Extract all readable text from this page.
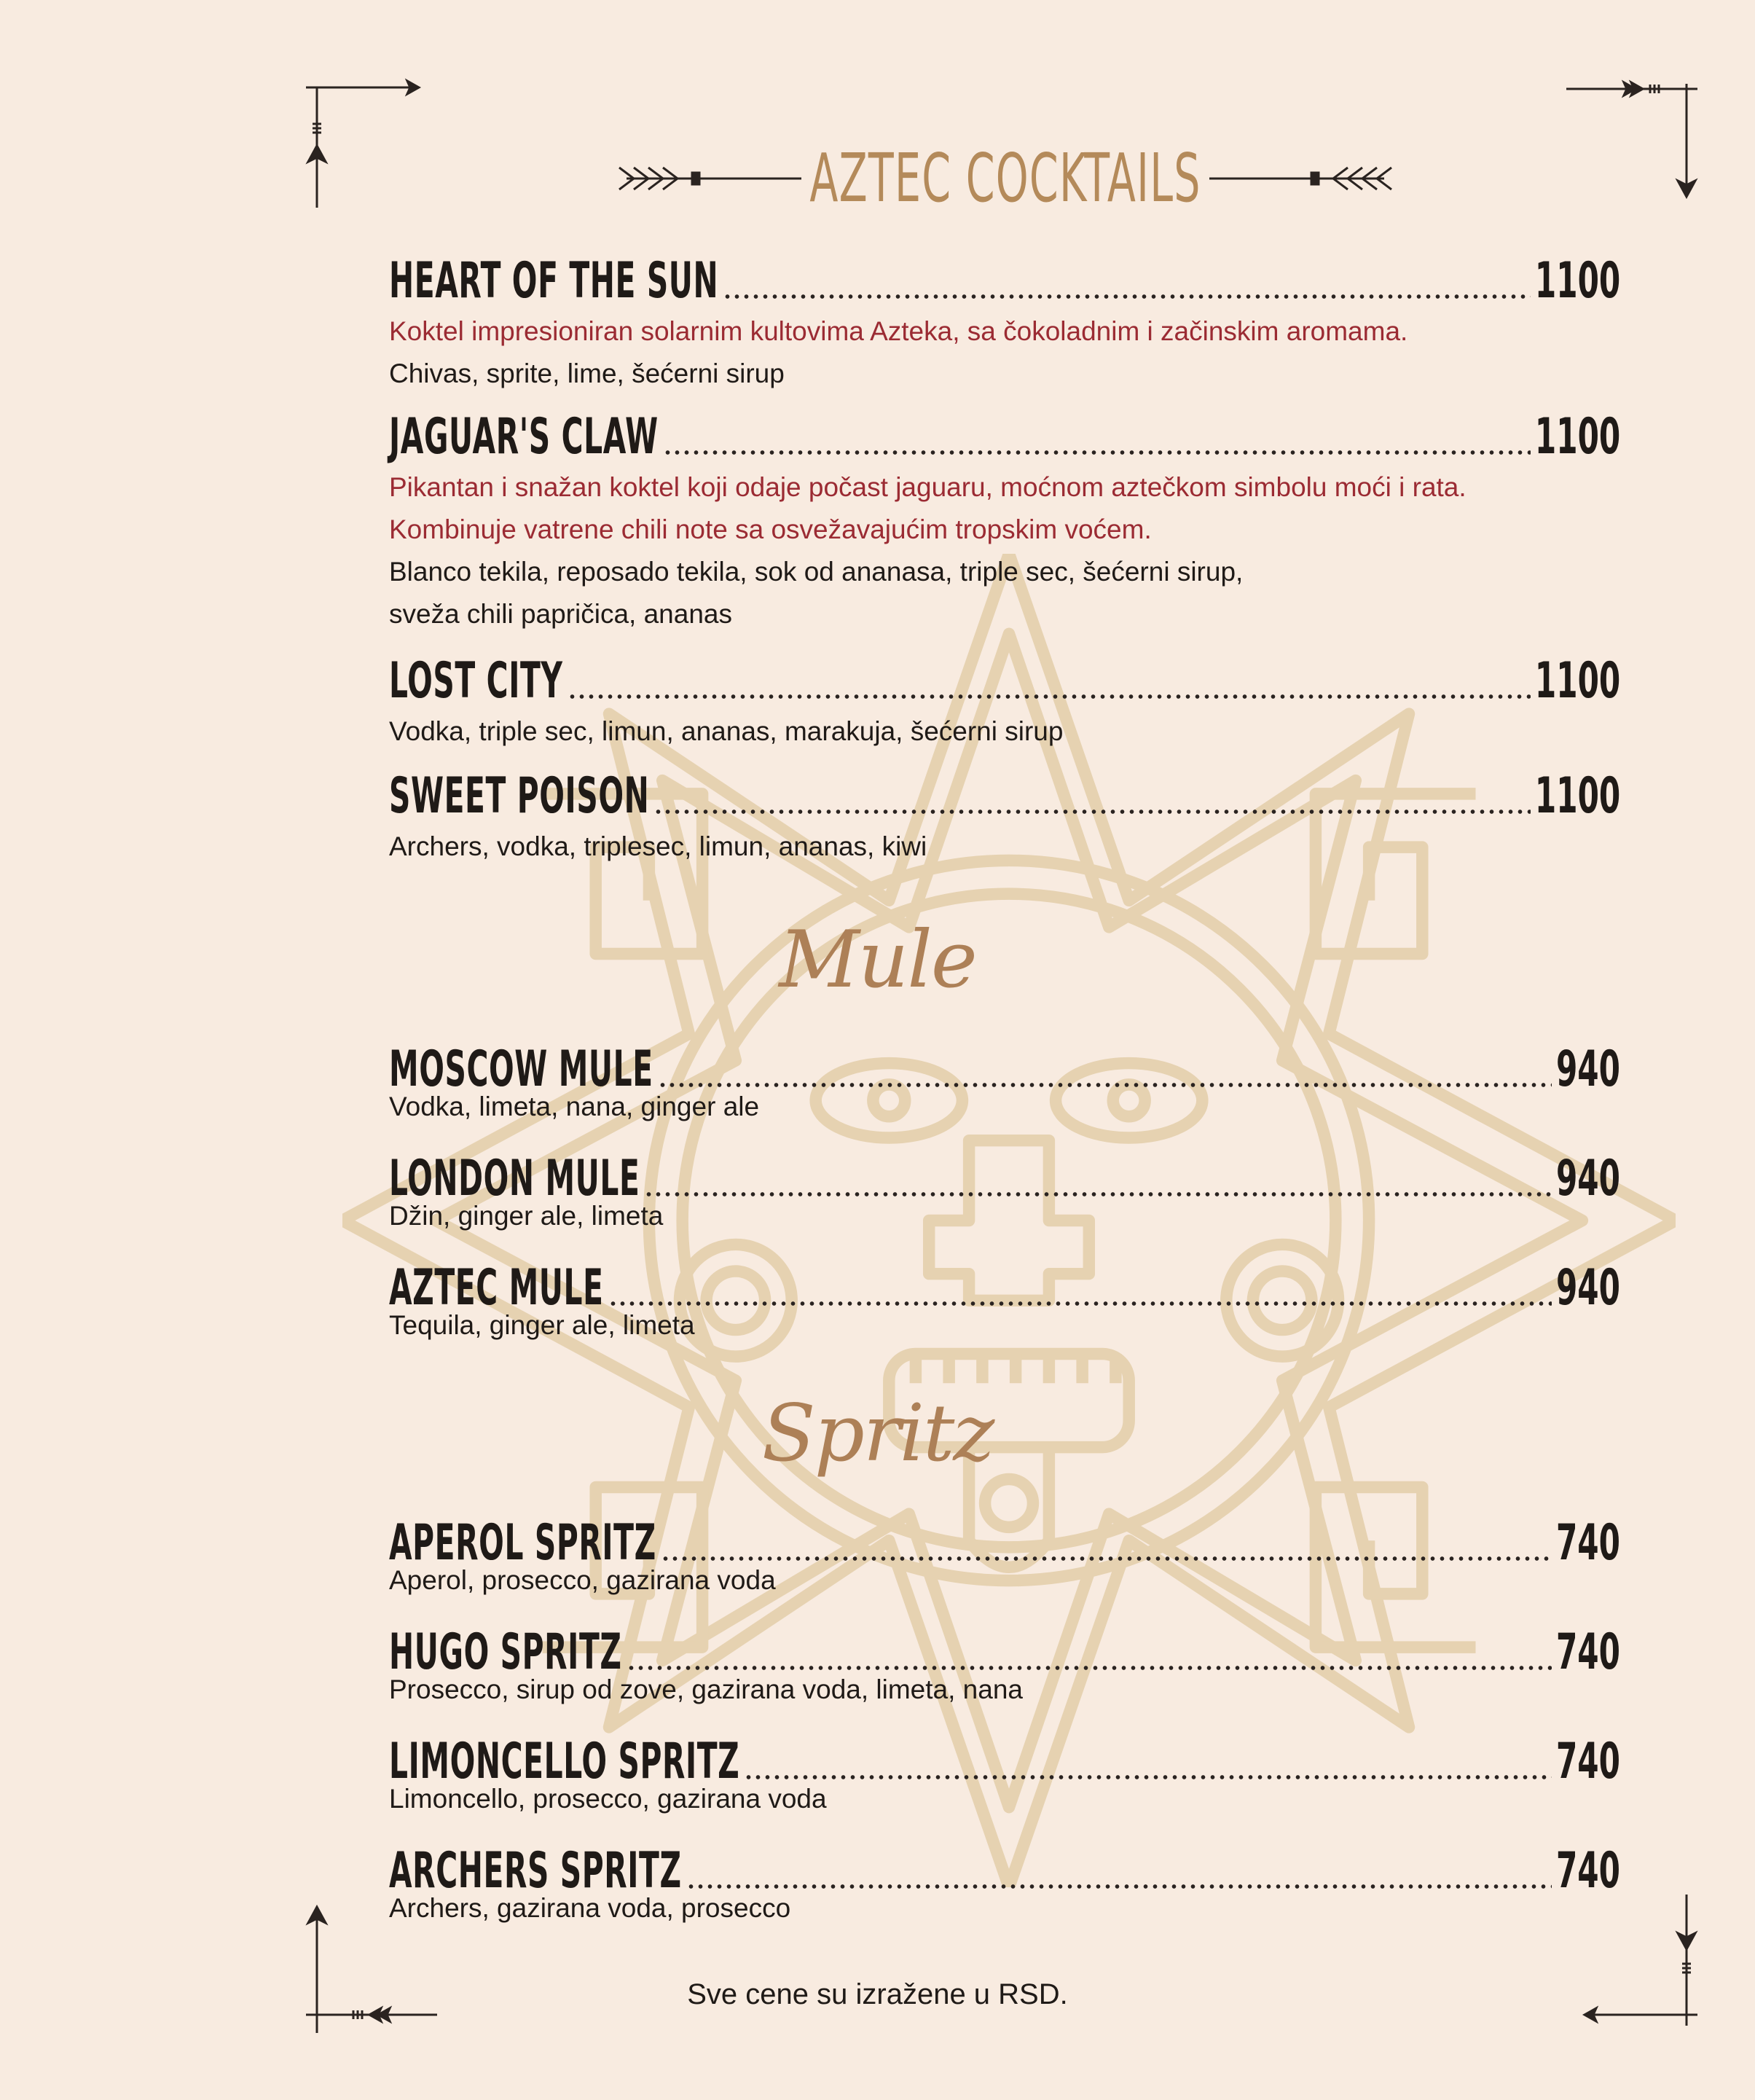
AZTEC COCKTAILS
HEART OF THE SUN	1100

Koktel impresioniran solarnim kultovima Azteka, sa čokoladnim i začinskim aromama.

Chivas, sprite, lime, šećerni sirup

JAGUAR'S CLAW	1100

Pikantan i snažan koktel koji odaje počast jaguaru, moćnom aztečkom simbolu moći i rata.

Kombinuje vatrene chili note sa osvežavajućim tropskim voćem.

Blanco tekila, reposado tekila, sok od ananasa, triple sec, šećerni sirup,

sveža chili papričica, ananas

LOST CITY	1100

Vodka, triple sec, limun, ananas, marakuja, šećerni sirup

SWEET POISON	1100

Archers, vodka, triplesec, limun, ananas, kiwi

Mule
MOSCOW MULE	940

Vodka, limeta, nana, ginger ale

LONDON MULE	940

Džin, ginger ale, limeta

AZTEC MULE	940

Tequila, ginger ale, limeta

Spritz
APEROL SPRITZ	740

Aperol, prosecco, gazirana voda

HUGO SPRITZ	740

Prosecco, sirup od zove, gazirana voda, limeta, nana

LIMONCELLO SPRITZ	740

Limoncello, prosecco, gazirana voda

ARCHERS SPRITZ	740

Archers, gazirana voda, prosecco

Sve cene su izražene u RSD.
